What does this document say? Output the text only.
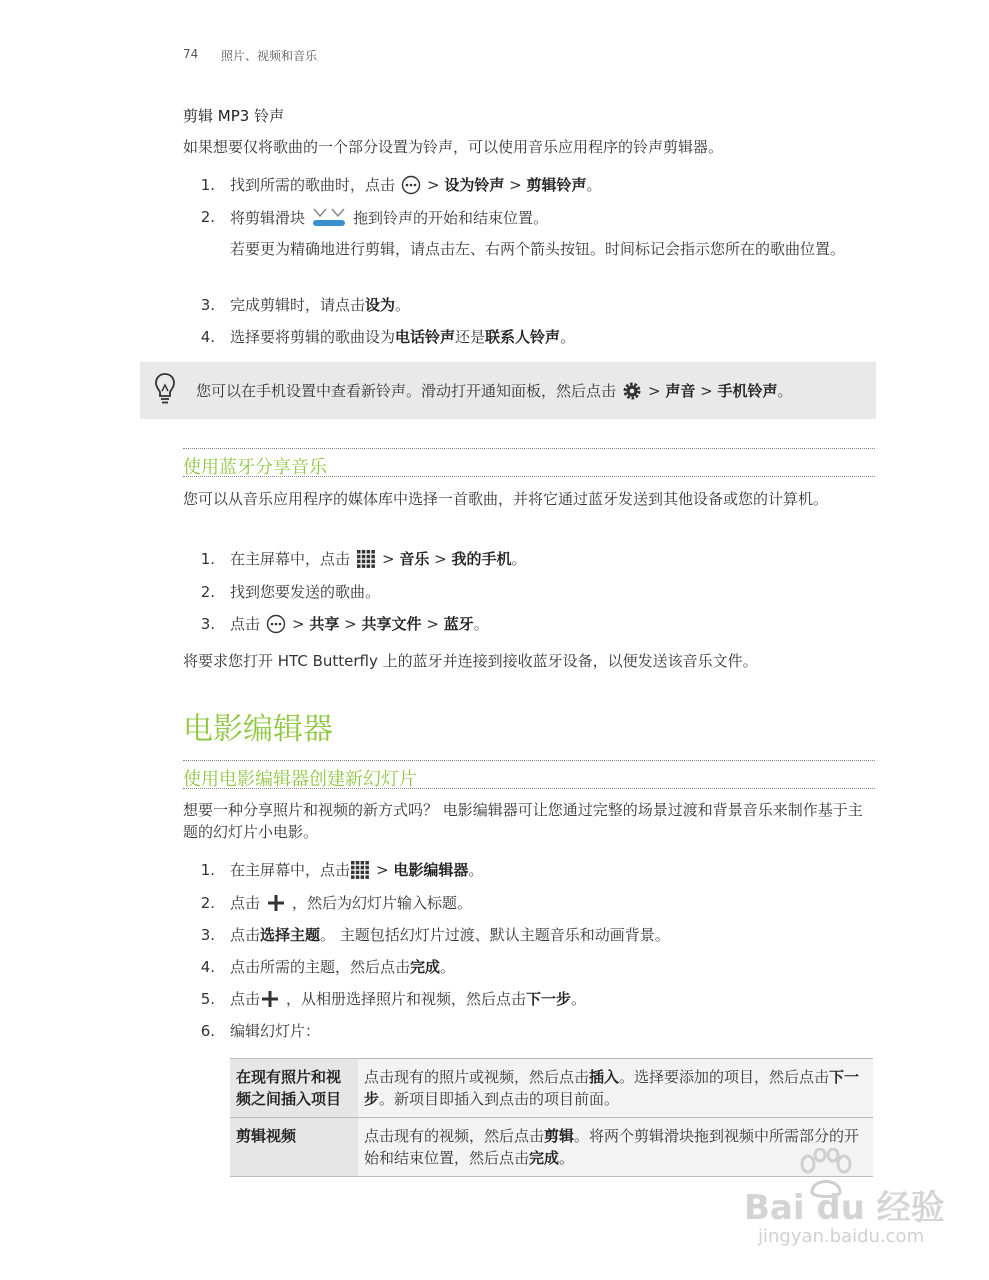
74 照片、视频和音乐
剪辑 MP3 铃声
如果想要仅将歌曲的一个部分设置为铃声，可以使用音乐应用程序的铃声剪辑器。
1. 找到所需的歌曲时，点击 >
设为铃声
>
剪辑铃声 。
2. 将剪辑滑块	拖到铃声的开始和结束位置。
若要更为精确地进行剪辑，请点击左、右两个箭头按钮。时间标记会指示您所在的歌曲位置。
3. 完成剪辑时，请点击 设为 。
4. 选择要将剪辑的歌曲设为 电话铃声 还是 联系人铃声 。
您可以在手机设置中查看新铃声。滑动打开通知面板，然后点击 >
声音
>
手机铃声 。
使用蓝牙分享音乐
您可以从音乐应用程序的媒体库中选择一首歌曲，并将它通过蓝牙发送到其他设备或您的计算机。
1. 在主屏幕中，点击 >
音乐
>
我的手机 。
2. 找到您要发送的歌曲。
3. 点击 >
共享
>
共享文件
>
蓝牙 。
将要求您打开 HTC Butterfly 上的蓝牙并连接到接收蓝牙设备，以便发送该音乐文件。
电影编辑器
使用电影编辑器创建新幻灯片
想要一种分享照片和视频的新方式吗？ 电影编辑器可让您通过完整的场景过渡和背景音乐来制作基于主题的幻灯片小电影。
1. 在主屏幕中，点击 >
电影编辑器 。
2. 点击 ，然后为幻灯片输入标题。
3. 点击 选择主题 。 主题包括幻灯片过渡、默认主题音乐和动画背景。
4. 点击所需的主题，然后点击 完成 。
5. 点击 ，从相册选择照片和视频，然后点击 下一步 。
6. 编辑幻灯片：
在现有照片和视频之间插入项目	点击现有的照片或视频，然后点击插入。选择要添加的项目，然后点击下一步。新项目即插入到点击的项目前面。
剪辑视频	点击现有的视频，然后点击剪辑。将两个剪辑滑块拖到视频中所需部分的开始和结束位置，然后点击完成。
Bai du 经验
jingyan.baidu.com
